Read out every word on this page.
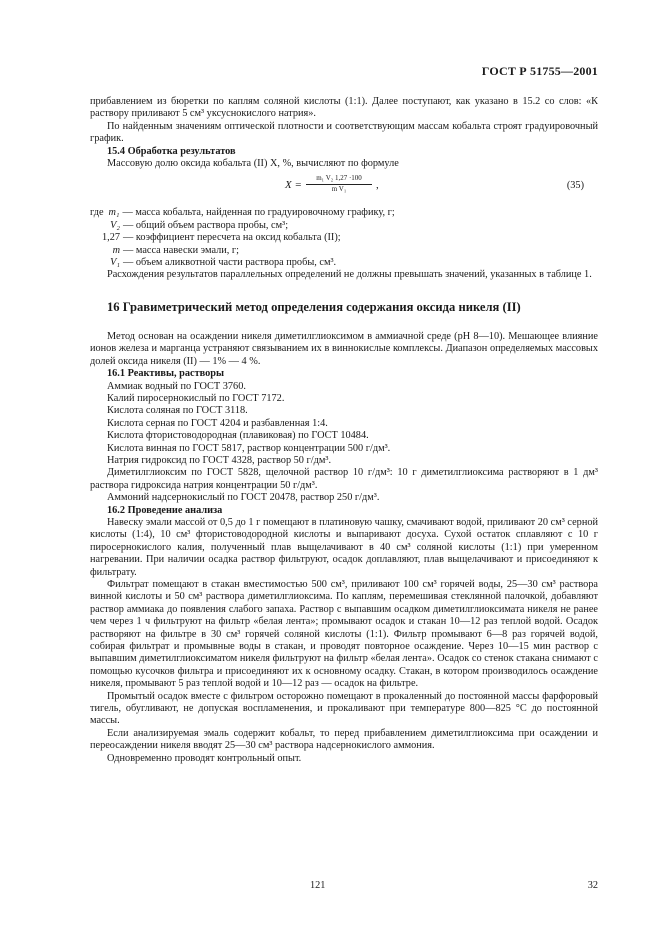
ГОСТ Р 51755—2001

прибавлением из бюретки по каплям соляной кислоты (1:1). Далее поступают, как указано в 15.2 со слов: «К раствору приливают 5 см³ уксуснокислого натрия».

По найденным значениям оптической плотности и соответствующим массам кобальта строят градуировочный график.

15.4 Обработка результатов

Массовую долю оксида кобальта (II) X, %, вычисляют по формуле

$X = \frac{\text{m₁ V₂ 1,27 ·100}}{\text{m V₁}}$ ,	(35)
где m₁ — масса кобальта, найденная по градуировочному графику, г;
V₂ — общий объем раствора пробы, см³;
1,27 — коэффициент пересчета на оксид кобальта (II);
m — масса навески эмали, г;
V₁ — объем аликвотной части раствора пробы, см³.

Расхождения результатов параллельных определений не должны превышать значений, указанных в таблице 1.

16 Гравиметрический метод определения содержания оксида никеля (II)

Метод основан на осаждении никеля диметилглиоксимом в аммиачной среде (рН 8—10). Мешающее влияние ионов железа и марганца устраняют связыванием их в виннокислые комплексы. Диапазон определяемых массовых долей оксида никеля (II) — 1% — 4 %.

16.1 Реактивы, растворы

Аммиак водный по ГОСТ 3760.

Калий пиросернокислый по ГОСТ 7172.

Кислота соляная по ГОСТ 3118.

Кислота серная по ГОСТ 4204 и разбавленная 1:4.

Кислота фтористоводородная (плавиковая) по ГОСТ 10484.

Кислота винная по ГОСТ 5817, раствор концентрации 500 г/дм³.

Натрия гидроксид по ГОСТ 4328, раствор 50 г/дм³.

Диметилглиоксим по ГОСТ 5828, щелочной раствор 10 г/дм³: 10 г диметилглиоксима растворяют в 1 дм³ раствора гидроксида натрия концентрации 50 г/дм³.

Аммоний надсернокислый по ГОСТ 20478, раствор 250 г/дм³.

16.2 Проведение анализа

Навеску эмали массой от 0,5 до 1 г помещают в платиновую чашку, смачивают водой, приливают 20 см³ серной кислоты (1:4), 10 см³ фтористоводородной кислоты и выпаривают досуха. Сухой остаток сплавляют с 10 г пиросернокислого калия, полученный плав выщелачивают в 40 см³ соляной кислоты (1:1) при умеренном нагревании. При наличии осадка раствор фильтруют, осадок доплавляют, плав выщелачивают и присоединяют к фильтрату.

Фильтрат помещают в стакан вместимостью 500 см³, приливают 100 см³ горячей воды, 25—30 см³ раствора винной кислоты и 50 см³ раствора диметилглиоксима. По каплям, перемешивая стеклянной палочкой, добавляют раствор аммиака до появления слабого запаха. Раствор с выпавшим осадком диметилглиоксимата никеля не ранее чем через 1 ч фильтруют на фильтр «белая лента»; промывают осадок и стакан 10—12 раз теплой водой. Осадок растворяют на фильтре в 30 см³ горячей соляной кислоты (1:1). Фильтр промывают 6—8 раз горячей водой, собирая фильтрат и промывные воды в стакан, и проводят повторное осаждение. Через 10—15 мин раствор с выпавшим диметилглиоксиматом никеля фильтруют на фильтр «белая лента». Осадок со стенок стакана снимают с помощью кусочков фильтра и присоединяют их к основному осадку. Стакан, в котором производилось осаждение никеля, промывают 5 раз теплой водой и 10—12 раз — осадок на фильтре.

Промытый осадок вместе с фильтром осторожно помещают в прокаленный до постоянной массы фарфоровый тигель, обугливают, не допуская воспламенения, и прокаливают при температуре 800—825 °С до постоянной массы.

Если анализируемая эмаль содержит кобальт, то перед прибавлением диметилглиоксима при осаждении и переосаждении никеля вводят 25—30 см³ раствора надсернокислого аммония.

Одновременно проводят контрольный опыт.

121	32
